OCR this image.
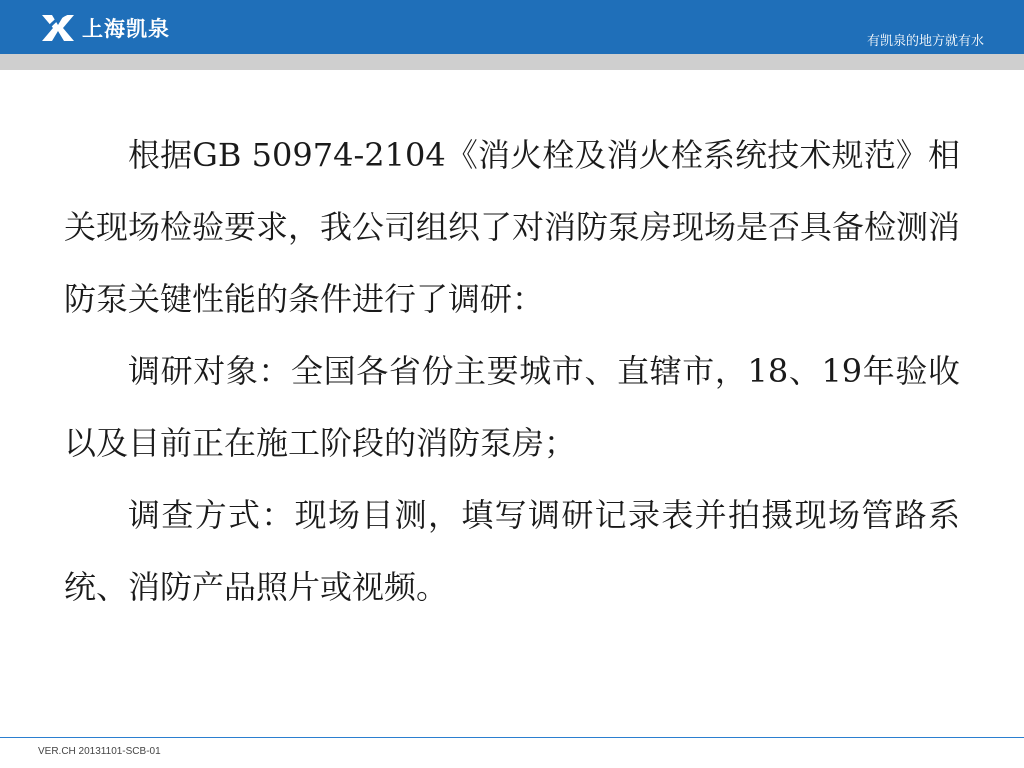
上海凯泉
有凯泉的地方就有水

根据GB 50974-2104《消火栓及消火栓系统技术规范》相关现场检验要求，我公司组织了对消防泵房现场是否具备检测消防泵关键性能的条件进行了调研：

调研对象：全国各省份主要城市、直辖市，18、19年验收以及目前正在施工阶段的消防泵房；

调查方式：现场目测，填写调研记录表并拍摄现场管路系统、消防产品照片或视频。

VER.CH 20131101-SCB-01
